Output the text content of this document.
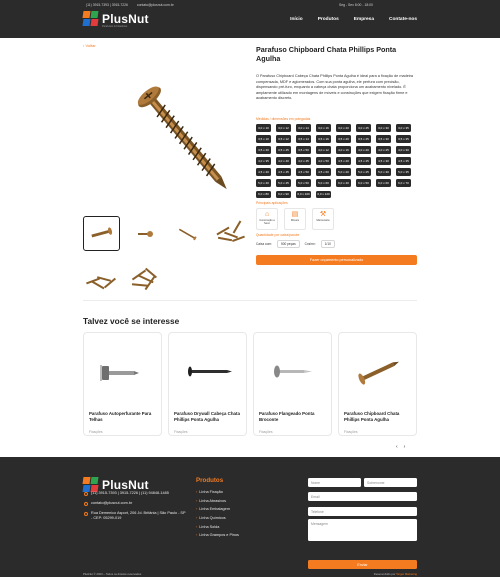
(11) 3915-7393 | 3915-7226	contato@plusnut.com.br	Seg - Sex 8:00 - 18:00
PlusNut
Parafusos & Fixadores
Início	Produtos	Empresa	Contate-nos
‹ Voltar	Parafuso Chipboard Chata Phillips Ponta Agulha

O Parafuso Chipboard Cabeça Chata Phillips Ponta Agulha é ideal para a fixação de madeira compensada, MDF e aglomerados. Com sua ponta agulha, ele perfura com precisão, dispensando pré-furo, enquanto a cabeça chata proporciona um acabamento nivelado. É amplamente utilizado em montagens de móveis e construções que exigem fixação firme e acabamento discreto.

Medidas / dimensões em polegadas
3,0 x 10	3,0 x 12	3,0 x 14	3,0 x 16	3,0 x 20	3,0 x 25	3,0 x 30	3,0 x 35
3,5 x 10	3,5 x 12	3,5 x 14	3,5 x 16	3,5 x 20	3,5 x 25	3,5 x 30	3,5 x 35
3,5 x 40	3,5 x 45	3,5 x 50	4,0 x 12	4,0 x 16	4,0 x 20	4,0 x 25	4,0 x 30
4,0 x 35	4,0 x 40	4,0 x 45	4,0 x 50	4,5 x 20	4,5 x 25	4,5 x 30	4,5 x 35
4,5 x 40	4,5 x 45	4,5 x 50	4,5 x 60	5,0 x 20	5,0 x 25	5,0 x 30	5,0 x 35
5,0 x 40	5,0 x 45	5,0 x 50	5,0 x 60	6,0 x 40	6,0 x 50	6,0 x 60	6,0 x 70
6,0 x 80	6,0 x 90	6,0 x 100	6,0 x 120
Principais aplicações
⌂
Construção a Seco
▤
Móveis
⚒
Marcenaria
Quantidade por caixa/pacote
Caixa com:	500 peças	Cxs/m²:	1/10
Fazer orçamento personalizado
Talvez você se interesse
Parafuso Autoperfurante Para Telhas
Fixações
Parafuso Drywall Cabeça Chata Phillips Ponta Agulha
Fixações
Parafuso Flangeado Ponta Broconte
Fixações
Parafuso Chipboard Chata Phillips Ponta Agulha
Fixações
‹ ›
PlusNut
(11) 3915-7393 | 3915-7226 | (11) 94848-1485
contato@plusnut.com.br
Rua Demenico Asport, 206 Jd. Britânia | São Paulo - SP - CEP: 05299-019
Produtos
› Linha Fixação
› Linha Abrasivos
› Linha Embalagem
› Linha Químicos
› Linha Solda
› Linha Grampos e Pinos
Nome	Sobrenome
Email
Telefone
Mensagem
Enviar
PlusNut © 2023 – Todos os direitos reservados	Desenvolvido por Target Marketing
